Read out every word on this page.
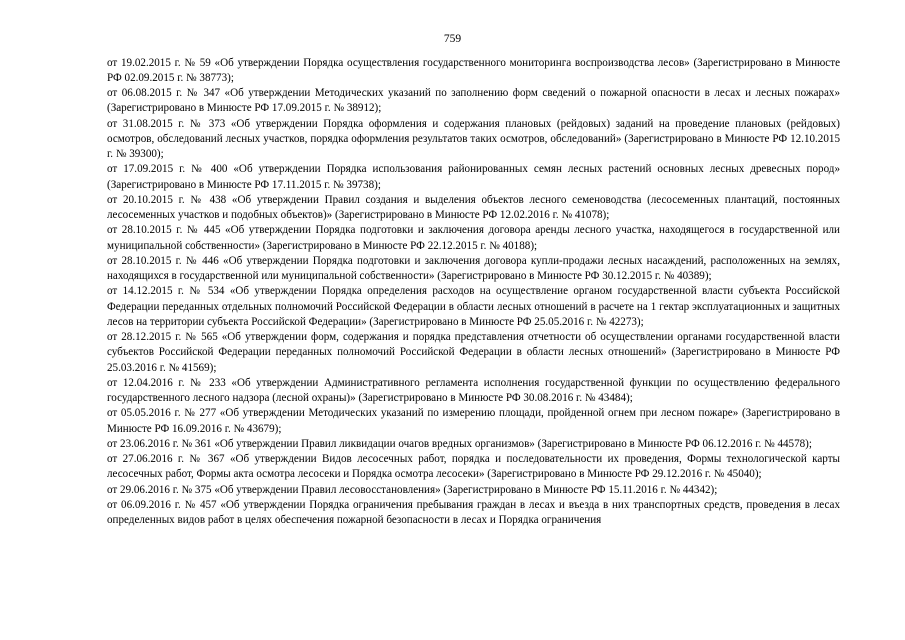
759

от 19.02.2015 г. № 59 «Об утверждении Порядка осуществления государственного мониторинга воспроизводства лесов» (Зарегистрировано в Минюсте РФ 02.09.2015 г. № 38773);

от 06.08.2015 г. № 347 «Об утверждении Методических указаний по заполнению форм сведений о пожарной опасности в лесах и лесных пожарах» (Зарегистрировано в Минюсте РФ 17.09.2015 г. № 38912);

от 31.08.2015 г. № 373 «Об утверждении Порядка оформления и содержания плановых (рейдовых) заданий на проведение плановых (рейдовых) осмотров, обследований лесных участков, порядка оформления результатов таких осмотров, обследований» (Зарегистрировано в Минюсте РФ 12.10.2015 г. № 39300);

от 17.09.2015 г. № 400 «Об утверждении Порядка использования районированных семян лесных растений основных лесных древесных пород» (Зарегистрировано в Минюсте РФ 17.11.2015 г. № 39738);

от 20.10.2015 г. № 438 «Об утверждении Правил создания и выделения объектов лесного семеноводства (лесосеменных плантаций, постоянных лесосеменных участков и подобных объектов)» (Зарегистрировано в Минюсте РФ 12.02.2016 г. № 41078);

от 28.10.2015 г. № 445 «Об утверждении Порядка подготовки и заключения договора аренды лесного участка, находящегося в государственной или муниципальной собственности» (Зарегистрировано в Минюсте РФ 22.12.2015 г. № 40188);

от 28.10.2015 г. № 446 «Об утверждении Порядка подготовки и заключения договора купли-продажи лесных насаждений, расположенных на землях, находящихся в государственной или муниципальной собственности» (Зарегистрировано в Минюсте РФ 30.12.2015 г. № 40389);

от 14.12.2015 г. № 534 «Об утверждении Порядка определения расходов на осуществление органом государственной власти субъекта Российской Федерации переданных отдельных полномочий Российской Федерации в области лесных отношений в расчете на 1 гектар эксплуатационных и защитных лесов на территории субъекта Российской Федерации» (Зарегистрировано в Минюсте РФ 25.05.2016 г. № 42273);

от 28.12.2015 г. № 565 «Об утверждении форм, содержания и порядка представления отчетности об осуществлении органами государственной власти субъектов Российской Федерации переданных полномочий Российской Федерации в области лесных отношений» (Зарегистрировано в Минюсте РФ 25.03.2016 г. № 41569);

от 12.04.2016 г. № 233 «Об утверждении Административного регламента исполнения государственной функции по осуществлению федерального государственного лесного надзора (лесной охраны)» (Зарегистрировано в Минюсте РФ 30.08.2016 г. № 43484);

от 05.05.2016 г. № 277 «Об утверждении Методических указаний по измерению площади, пройденной огнем при лесном пожаре» (Зарегистрировано в Минюсте РФ 16.09.2016 г. № 43679);

от 23.06.2016 г. № 361 «Об утверждении Правил ликвидации очагов вредных организмов» (Зарегистрировано в Минюсте РФ 06.12.2016 г. № 44578);

от 27.06.2016 г. № 367 «Об утверждении Видов лесосечных работ, порядка и последовательности их проведения, Формы технологической карты лесосечных работ, Формы акта осмотра лесосеки и Порядка осмотра лесосеки» (Зарегистрировано в Минюсте РФ 29.12.2016 г. № 45040);

от 29.06.2016 г. № 375 «Об утверждении Правил лесовосстановления» (Зарегистрировано в Минюсте РФ 15.11.2016 г. № 44342);

от 06.09.2016 г. № 457 «Об утверждении Порядка ограничения пребывания граждан в лесах и въезда в них транспортных средств, проведения в лесах определенных видов работ в целях обеспечения пожарной безопасности в лесах и Порядка ограничения
